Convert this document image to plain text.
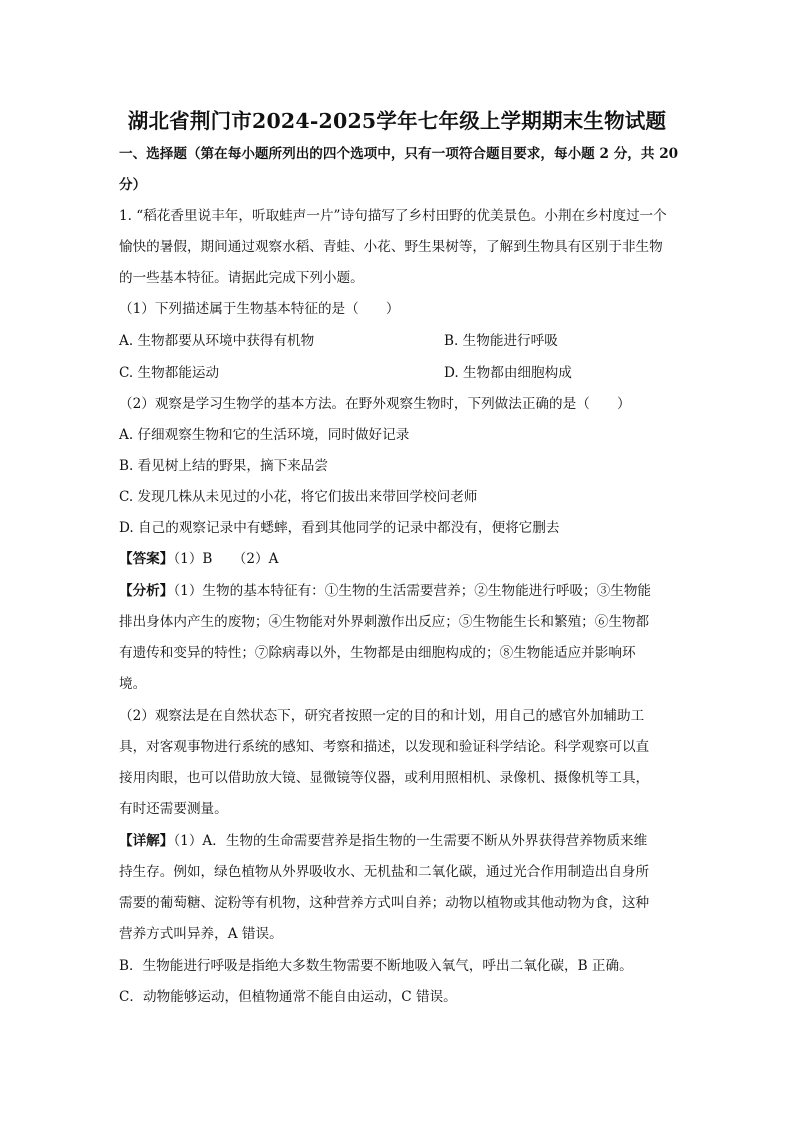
湖北省荆门市2024-2025学年七年级上学期期末生物试题
一、选择题（第在每小题所列出的四个选项中，只有一项符合题目要求，每小题 2 分，共 20
分）
1. “稻花香里说丰年，听取蛙声一片”诗句描写了乡村田野的优美景色。小荆在乡村度过一个
愉快的暑假，期间通过观察水稻、青蛙、小花、野生果树等，了解到生物具有区别于非生物
的一些基本特征。请据此完成下列小题。
（1）下列描述属于生物基本特征的是（　　）
A. 生物都要从环境中获得有机物	B. 生物能进行呼吸
C. 生物都能运动	D. 生物都由细胞构成
（2）观察是学习生物学的基本方法。在野外观察生物时，下列做法正确的是（　　）
A. 仔细观察生物和它的生活环境，同时做好记录
B. 看见树上结的野果，摘下来品尝
C. 发现几株从未见过的小花，将它们拔出来带回学校问老师
D. 自己的观察记录中有蟋蟀，看到其他同学的记录中都没有，便将它删去
【答案】（1）B　　（2）A
【分析】（1）生物的基本特征有：①生物的生活需要营养；②生物能进行呼吸；③生物能
排出身体内产生的废物；④生物能对外界刺激作出反应；⑤生物能生长和繁殖；⑥生物都
有遗传和变异的特性；⑦除病毒以外，生物都是由细胞构成的；⑧生物能适应并影响环
境。
（2）观察法是在自然状态下，研究者按照一定的目的和计划，用自己的感官外加辅助工
具，对客观事物进行系统的感知、考察和描述，以发现和验证科学结论。科学观察可以直
接用肉眼，也可以借助放大镜、显微镜等仪器，或利用照相机、录像机、摄像机等工具，
有时还需要测量。
【详解】（1）A．生物的生命需要营养是指生物的一生需要不断从外界获得营养物质来维
持生存。例如，绿色植物从外界吸收水、无机盐和二氧化碳，通过光合作用制造出自身所
需要的葡萄糖、淀粉等有机物，这种营养方式叫自养；动物以植物或其他动物为食，这种
营养方式叫异养，A 错误。
B．生物能进行呼吸是指绝大多数生物需要不断地吸入氧气，呼出二氧化碳，B 正确。
C．动物能够运动，但植物通常不能自由运动，C 错误。
